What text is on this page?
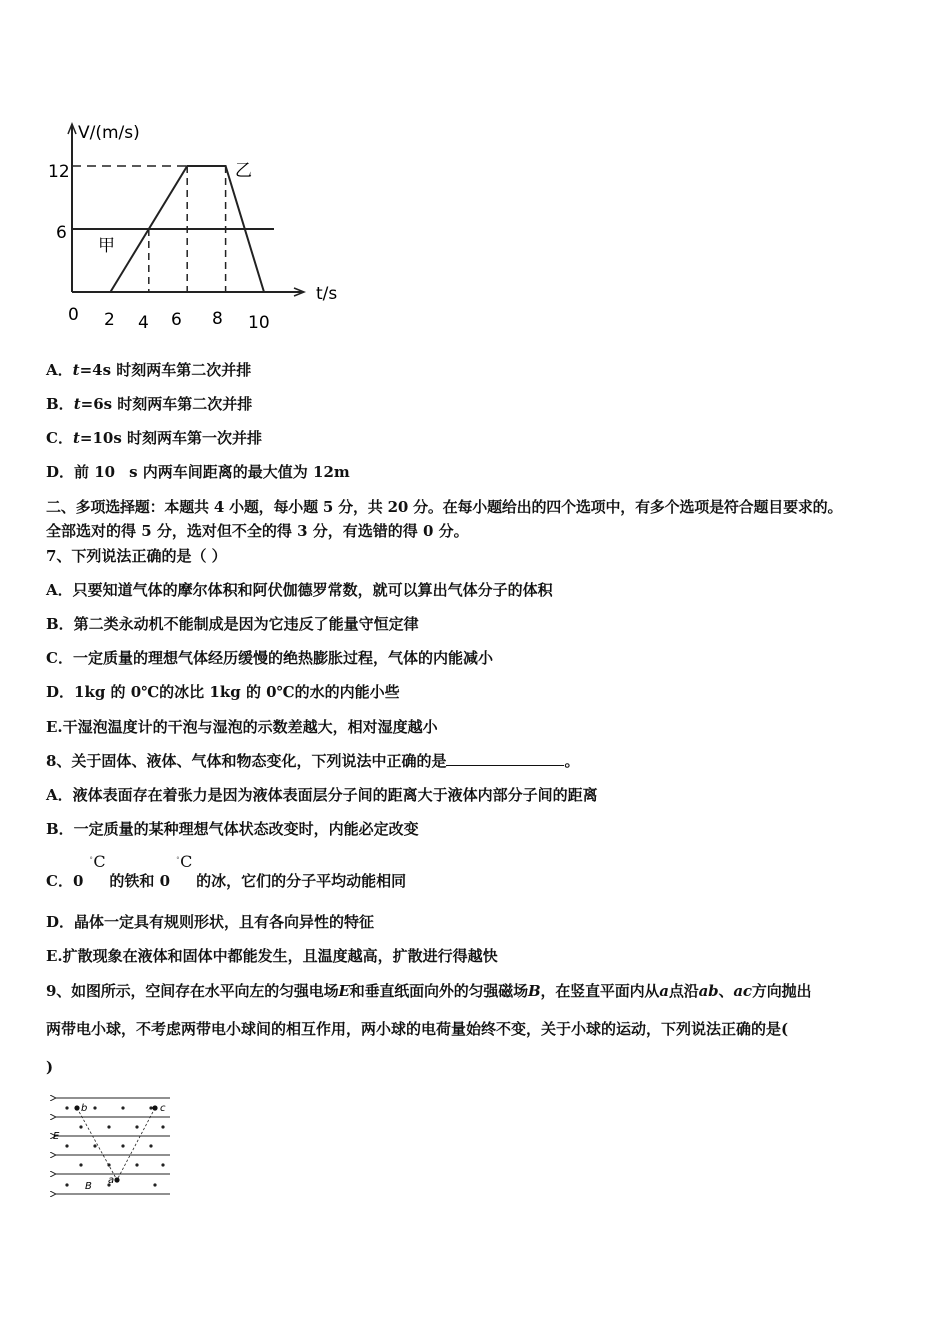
V/(m/s)
t/s
12
6
0 2 4 6 8 10
甲
乙
A．t=4s 时刻两车第二次并排
B．t=6s 时刻两车第二次并排
C．t=10s 时刻两车第一次并排
D．前 10 s 内两车间距离的最大值为 12m
二、多项选择题：本题共 4 小题，每小题 5 分，共 20 分。在每小题给出的四个选项中，有多个选项是符合题目要求的。
全部选对的得 5 分，选对但不全的得 3 分，有选错的得 0 分。
7、下列说法正确的是（ ）
A．只要知道气体的摩尔体积和阿伏伽德罗常数，就可以算出气体分子的体积
B．第二类永动机不能制成是因为它违反了能量守恒定律
C．一定质量的理想气体经历缓慢的绝热膨胀过程，气体的内能减小
D．1kg 的 0℃的冰比 1kg 的 0℃的水的内能小些
E.干湿泡温度计的干泡与湿泡的示数差越大，相对湿度越小
8、关于固体、液体、气体和物态变化，下列说法中正确的是	。
A．液体表面存在着张力是因为液体表面层分子间的距离大于液体内部分子间的距离
B．一定质量的某种理想气体状态改变时，内能必定改变
C．0
° C
的铁和 0
° C
的冰，它们的分子平均动能相同
D．晶体一定具有规则形状，且有各向异性的特征
E.扩散现象在液体和固体中都能发生，且温度越高，扩散进行得越快
9、如图所示，空间存在水平向左的匀强电场E和垂直纸面向外的匀强磁场B，在竖直平面内从a点沿ab、ac方向抛出
两带电小球，不考虑两带电小球间的相互作用，两小球的电荷量始终不变，关于小球的运动，下列说法正确的是(
)
b	c
a
E
B
